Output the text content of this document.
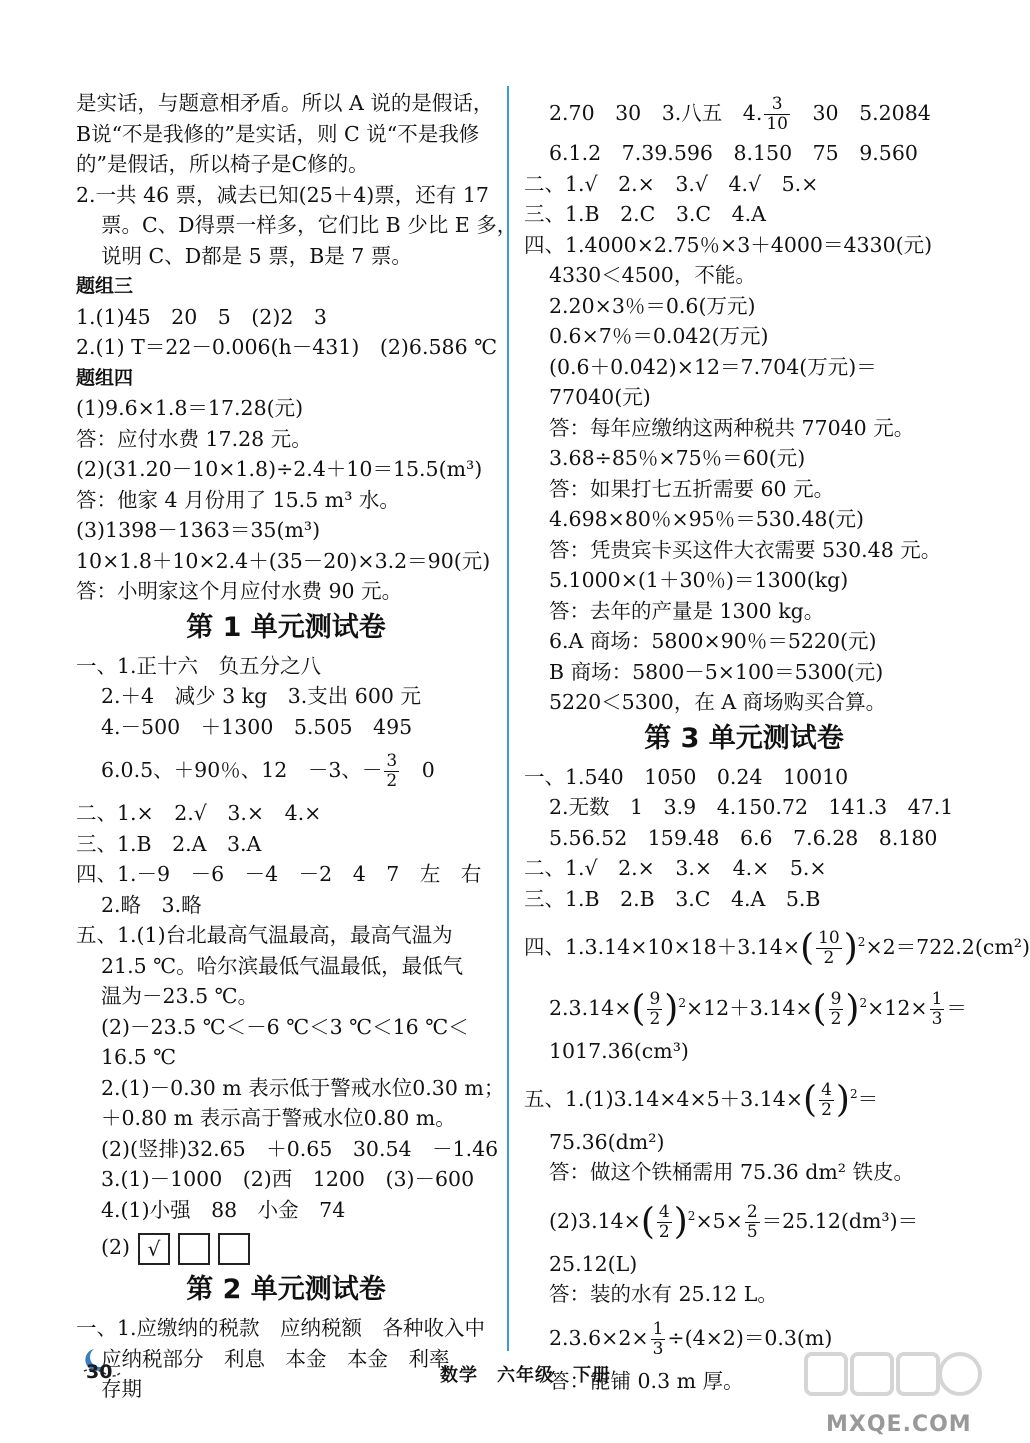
是实话，与题意相矛盾。所以 A 说的是假话，
B说“不是我修的”是实话，则 C 说“不是我修
的”是假话，所以椅子是C修的。
2.一共 46 票，减去已知(25＋4)票，还有 17
票。C、D得票一样多，它们比 B 少比 E 多，
说明 C、D都是 5 票，B是 7 票。
题组三
1.(1)45　20　5　(2)2　3
2.(1) T＝22－0.006(h－431)　(2)6.586 ℃
题组四
(1)9.6×1.8＝17.28(元)
答：应付水费 17.28 元。
(2)(31.20－10×1.8)÷2.4＋10＝15.5(m³)
答：他家 4 月份用了 15.5 m³ 水。
(3)1398－1363＝35(m³)
10×1.8＋10×2.4＋(35－20)×3.2＝90(元)
答：小明家这个月应付水费 90 元。
第 1 单元测试卷
一、1.正十六　负五分之八
2.＋4　减少 3 kg　3.支出 600 元
4.－500　＋1300　5.505　495
6.0.5、＋90％、12　－3、－ $\frac{3}{2}$ 　0
二、1.×　2.√　3.×　4.×
三、1.B　2.A　3.A
四、1.－9　－6　－4　－2　4　7　左　右
2.略　3.略
五、1.(1)台北最高气温最高，最高气温为
21.5 ℃。哈尔滨最低气温最低，最低气
温为－23.5 ℃。
(2)－23.5 ℃＜－6 ℃＜3 ℃＜16 ℃＜
16.5 ℃
2.(1)－0.30 m 表示低于警戒水位0.30 m；
＋0.80 m 表示高于警戒水位0.80 m。
(2)(竖排)32.65　＋0.65　30.54　－1.46
3.(1)－1000　(2)西　1200　(3)－600
4.(1)小强　88　小金　74
(2) √
第 2 单元测试卷
一、1.应缴纳的税款　应纳税额　各种收入中
应纳税部分　利息　本金　本金　利率
存期
2.70　30　3.八五　4. $\frac{3}{10}$ 　30　5.2084
6.1.2　7.39.596　8.150　75　9.560
二、1.√　2.×　3.√　4.√　5.×
三、1.B　2.C　3.C　4.A
四、1.4000×2.75％×3＋4000＝4330(元)
4330＜4500，不能。
2.20×3％＝0.6(万元)
0.6×7％＝0.042(万元)
(0.6＋0.042)×12＝7.704(万元)＝
77040(元)
答：每年应缴纳这两种税共 77040 元。
3.68÷85％×75％＝60(元)
答：如果打七五折需要 60 元。
4.698×80％×95％＝530.48(元)
答：凭贵宾卡买这件大衣需要 530.48 元。
5.1000×(1＋30％)＝1300(kg)
答：去年的产量是 1300 kg。
6.A 商场：5800×90％＝5220(元)
B 商场：5800－5×100＝5300(元)
5220＜5300，在 A 商场购买合算。
第 3 单元测试卷
一、1.540　1050　0.24　10010
2.无数　1　3.9　4.150.72　141.3　47.1
5.56.52　159.48　6.6　7.6.28　8.180
二、1.√　2.×　3.×　4.×　5.×
三、1.B　2.B　3.C　4.A　5.B
四、$1.3.14\times 10\times 18+3.14\times( \frac{10}{2} )^2\times 2=722.2(cm^2)$
$2.3.14\times( \frac{9}{2} )^2\times 12+3.14\times( \frac{9}{2} )^2\times 12\times \frac{1}{3}$ ＝
1017.36(cm³)
五、$1.(1)3.14\times 4\times 5+3.14\times( \frac{4}{2} )^2=$
75.36(dm²)
答：做这个铁桶需用 75.36 dm² 铁皮。
$(2)3.14\times( \frac{4}{2} )^2\times 5\times \frac{2}{5} =25.12(dm^3)=$
25.12(L)
答：装的水有 25.12 L。
$2.3.6\times 2\times \frac{1}{3} \div(4\times 2)=0.3(m)$
答：能铺 0.3 m 厚。
30	数学　六年级　下册
MXQE.COM
